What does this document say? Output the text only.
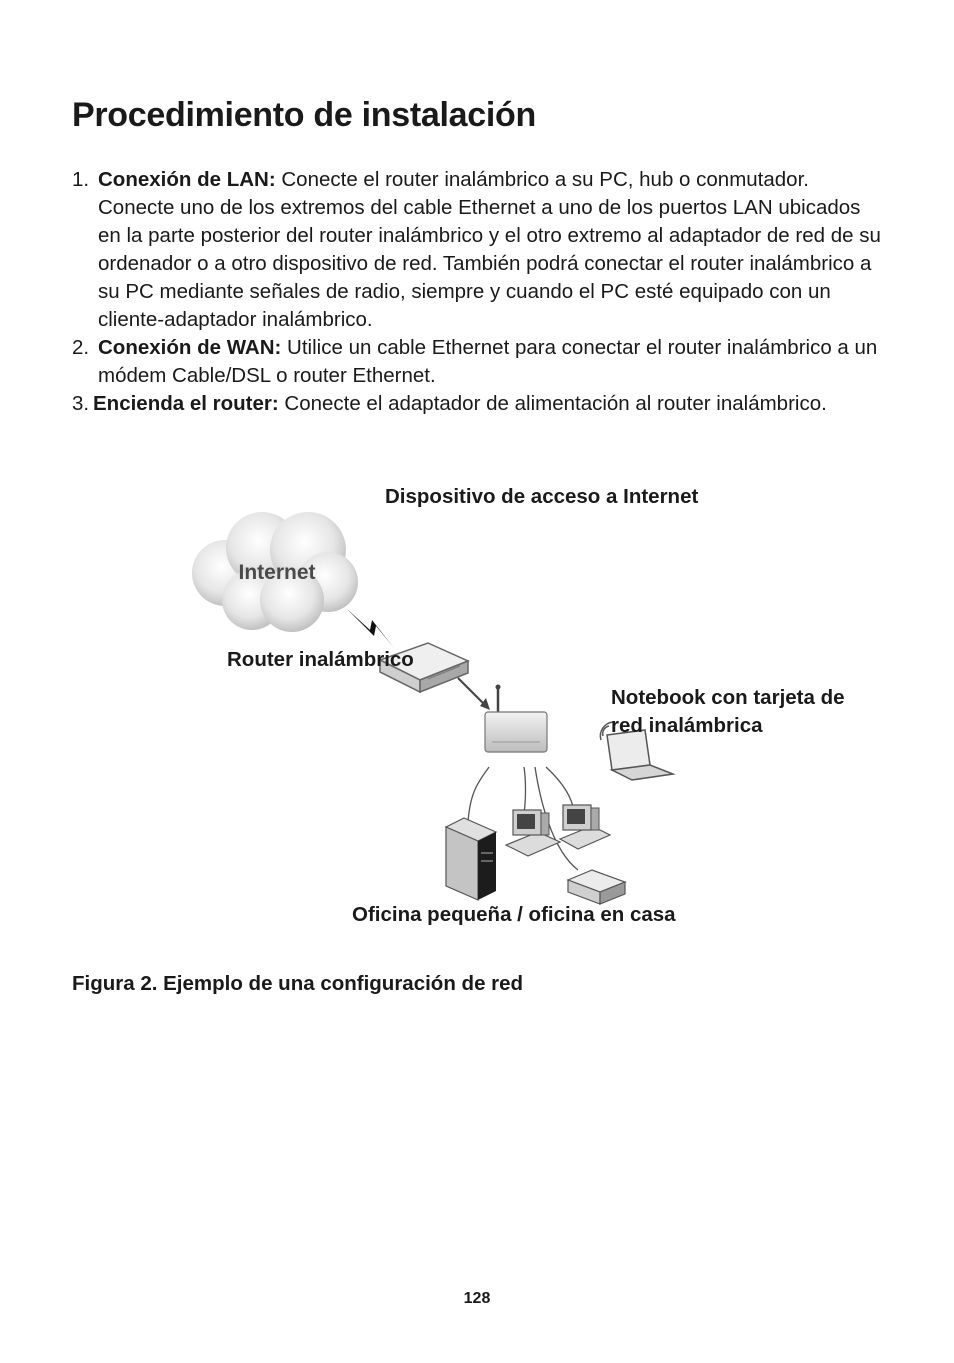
Procedimiento de instalación
1. Conexión de LAN: Conecte el router inalámbrico a su PC, hub o conmutador. Conecte uno de los extremos del cable Ethernet a uno de los puertos LAN ubicados en la parte posterior del router inalámbrico y el otro extremo al adaptador de red de su ordenador o a otro dispositivo de red. También podrá conectar el router inalámbrico a su PC mediante señales de radio, siempre y cuando el PC esté equipado con un cliente-adaptador inalámbrico.
2. Conexión de WAN: Utilice un cable Ethernet para conectar el router inalámbrico a un módem Cable/DSL o router Ethernet.
3. Encienda el router: Conecte el adaptador de alimentación al router inalámbrico.
Internet
Dispositivo de acceso a Internet
Router inalámbrico
Notebook con tarjeta de red inalámbrica
Oficina pequeña / oficina en casa
Figura 2. Ejemplo de una configuración de red
128
